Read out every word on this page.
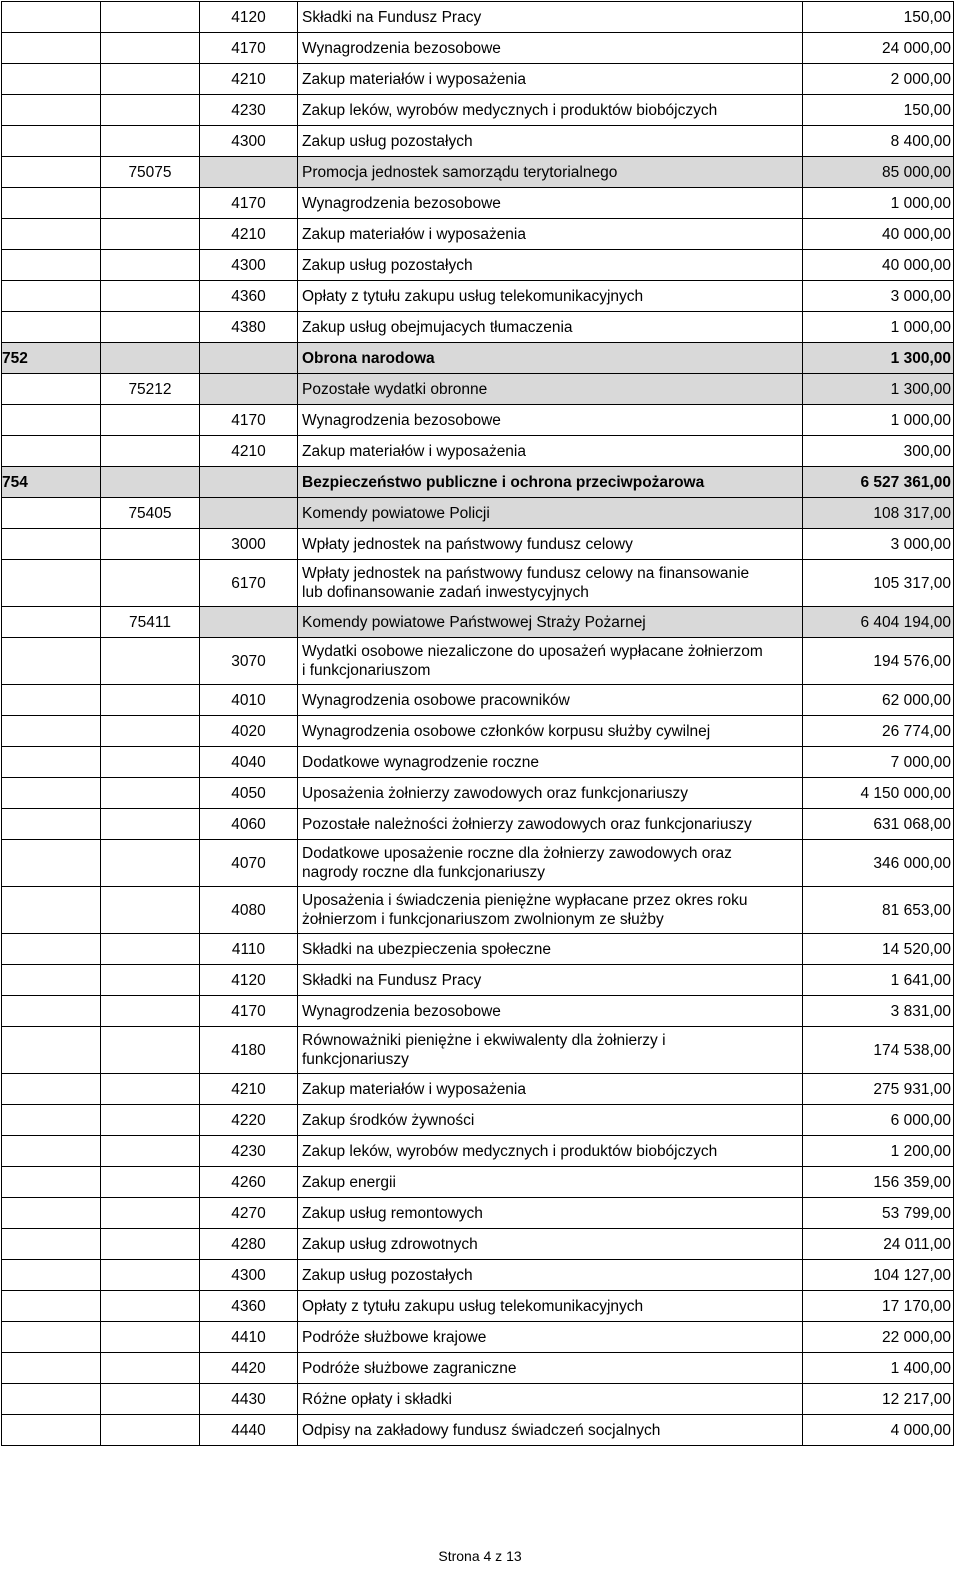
		4120	Składki na Fundusz Pracy	150,00
		4170	Wynagrodzenia bezosobowe	24 000,00
		4210	Zakup materiałów i wyposażenia	2 000,00
		4230	Zakup leków, wyrobów medycznych i produktów biobójczych	150,00
		4300	Zakup usług pozostałych	8 400,00
	75075		Promocja jednostek samorządu terytorialnego	85 000,00
		4170	Wynagrodzenia bezosobowe	1 000,00
		4210	Zakup materiałów i wyposażenia	40 000,00
		4300	Zakup usług pozostałych	40 000,00
		4360	Opłaty z tytułu zakupu usług telekomunikacyjnych	3 000,00
		4380	Zakup usług obejmujacych tłumaczenia	1 000,00
752			Obrona narodowa	1 300,00
	75212		Pozostałe wydatki obronne	1 300,00
		4170	Wynagrodzenia bezosobowe	1 000,00
		4210	Zakup materiałów i wyposażenia	300,00
754			Bezpieczeństwo publiczne i ochrona przeciwpożarowa	6 527 361,00
	75405		Komendy powiatowe Policji	108 317,00
		3000	Wpłaty jednostek na państwowy fundusz celowy	3 000,00
		6170	Wpłaty jednostek na państwowy fundusz celowy na finansowanie
lub dofinansowanie zadań inwestycyjnych	105 317,00
	75411		Komendy powiatowe Państwowej Straży Pożarnej	6 404 194,00
		3070	Wydatki osobowe niezaliczone do uposażeń wypłacane żołnierzom
i funkcjonariuszom	194 576,00
		4010	Wynagrodzenia osobowe pracowników	62 000,00
		4020	Wynagrodzenia osobowe członków korpusu służby cywilnej	26 774,00
		4040	Dodatkowe wynagrodzenie roczne	7 000,00
		4050	Uposażenia żołnierzy zawodowych oraz funkcjonariuszy	4 150 000,00
		4060	Pozostałe należności żołnierzy zawodowych oraz funkcjonariuszy	631 068,00
		4070	Dodatkowe uposażenie roczne dla żołnierzy zawodowych oraz
nagrody roczne dla funkcjonariuszy	346 000,00
		4080	Uposażenia i świadczenia pieniężne wypłacane przez okres roku
żołnierzom i funkcjonariuszom zwolnionym ze służby	81 653,00
		4110	Składki na ubezpieczenia społeczne	14 520,00
		4120	Składki na Fundusz Pracy	1 641,00
		4170	Wynagrodzenia bezosobowe	3 831,00
		4180	Równoważniki pieniężne i ekwiwalenty dla żołnierzy i
funkcjonariuszy	174 538,00
		4210	Zakup materiałów i wyposażenia	275 931,00
		4220	Zakup środków żywności	6 000,00
		4230	Zakup leków, wyrobów medycznych i produktów biobójczych	1 200,00
		4260	Zakup energii	156 359,00
		4270	Zakup usług remontowych	53 799,00
		4280	Zakup usług zdrowotnych	24 011,00
		4300	Zakup usług pozostałych	104 127,00
		4360	Opłaty z tytułu zakupu usług telekomunikacyjnych	17 170,00
		4410	Podróże służbowe krajowe	22 000,00
		4420	Podróże służbowe zagraniczne	1 400,00
		4430	Różne opłaty i składki	12 217,00
		4440	Odpisy na zakładowy fundusz świadczeń socjalnych	4 000,00
Strona 4 z 13
